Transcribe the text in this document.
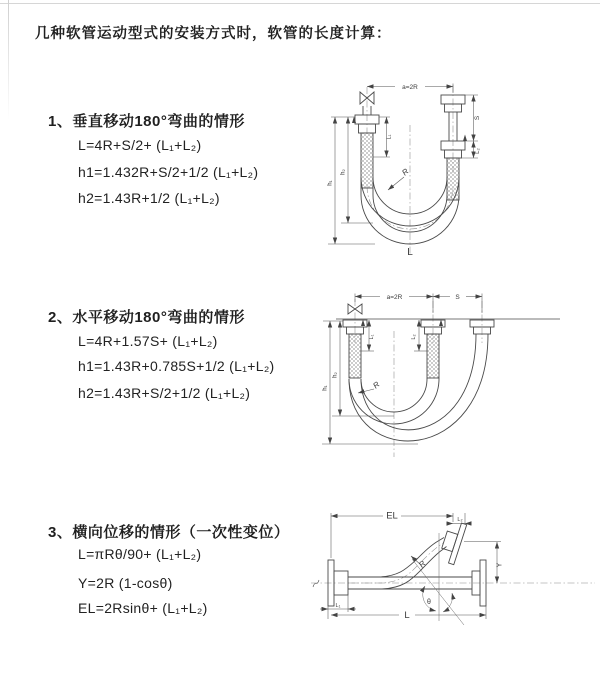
几种软管运动型式的安装方式时，软管的长度计算：
1、垂直移动180°弯曲的情形
L=4R+S/2+ (L₁+L₂)
h1=1.432R+S/2+1/2 (L₁+L₂)
h2=1.43R+1/2 (L₁+L₂)
2、水平移动180°弯曲的情形
L=4R+1.57S+ (L₁+L₂)
h1=1.43R+0.785S+1/2 (L₁+L₂)
h2=1.43R+S/2+1/2 (L₁+L₂)
3、横向位移的情形（一次性变位）
L=πRθ/90+ (L₁+L₂)
Y=2R (1-cosθ)
EL=2Rsinθ+ (L₁+L₂)
a=2R
S
L₂
h₂
h₁
L₁
R
L
a=2R	S
h₂
h₁
L₁	L₂
R
EL	L₂
Y
L
L₁
R
θ
